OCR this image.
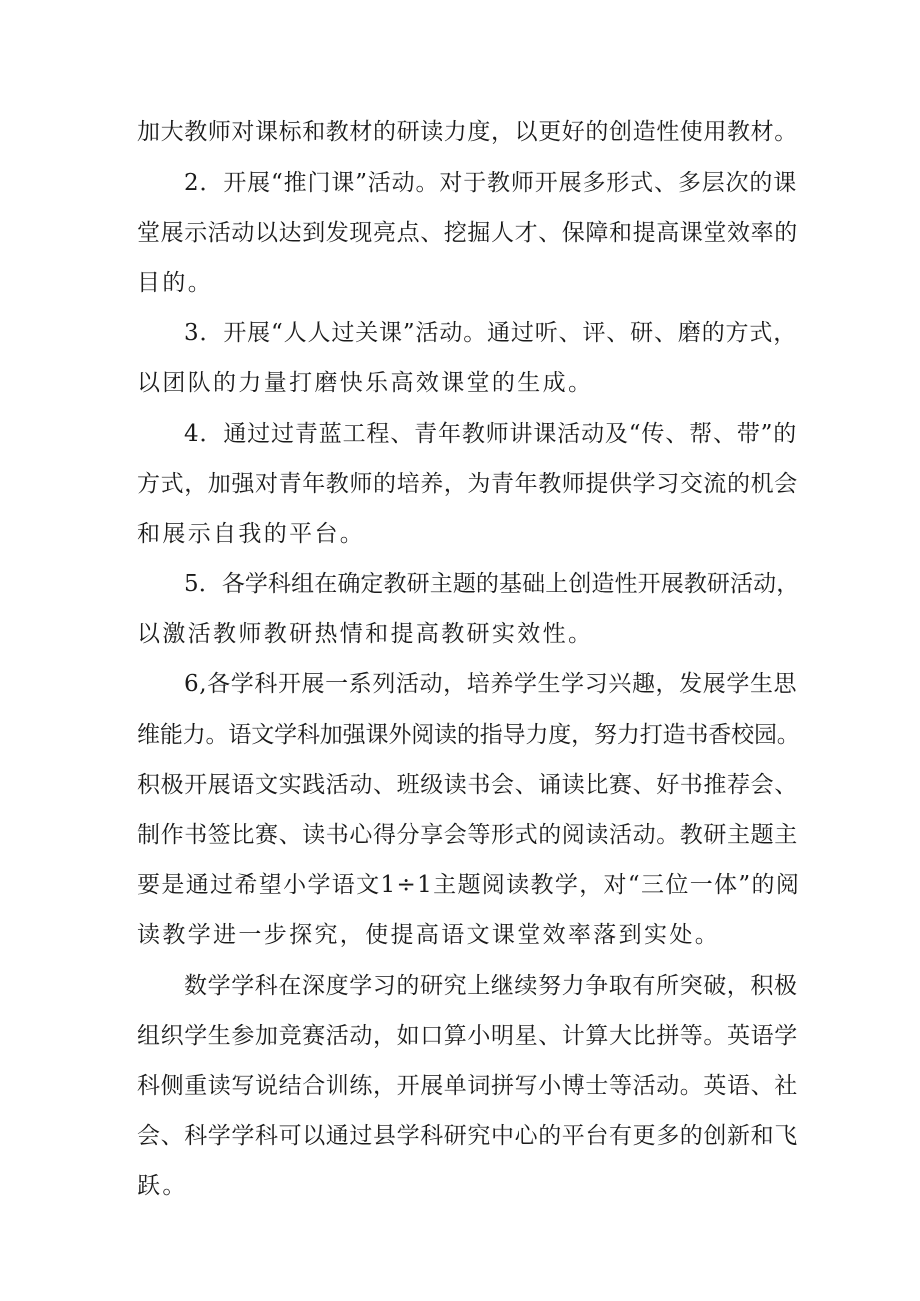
加大教师对课标和教材的研读力度，以更好的创造性使用教材。
2．开展“推门课”活动。对于教师开展多形式、多层次的课
堂展示活动以达到发现亮点、挖掘人才、保障和提高课堂效率的
目的。
3．开展“人人过关课”活动。通过听、评、研、磨的方式，
以团队的力量打磨快乐高效课堂的生成。
4．通过过青蓝工程、青年教师讲课活动及“传、帮、带”的
方式，加强对青年教师的培养，为青年教师提供学习交流的机会
和展示自我的平台。
5．各学科组在确定教研主题的基础上创造性开展教研活动，
以激活教师教研热情和提高教研实效性。
6,各学科开展一系列活动，培养学生学习兴趣，发展学生思
维能力。语文学科加强课外阅读的指导力度，努力打造书香校园。
积极开展语文实践活动、班级读书会、诵读比赛、好书推荐会、
制作书签比赛、读书心得分享会等形式的阅读活动。教研主题主
要是通过希望小学语文1÷1主题阅读教学，对“三位一体”的阅
读教学进一步探究，使提高语文课堂效率落到实处。
数学学科在深度学习的研究上继续努力争取有所突破，积极
组织学生参加竞赛活动，如口算小明星、计算大比拼等。英语学
科侧重读写说结合训练，开展单词拼写小博士等活动。英语、社
会、科学学科可以通过县学科研究中心的平台有更多的创新和飞
跃。
